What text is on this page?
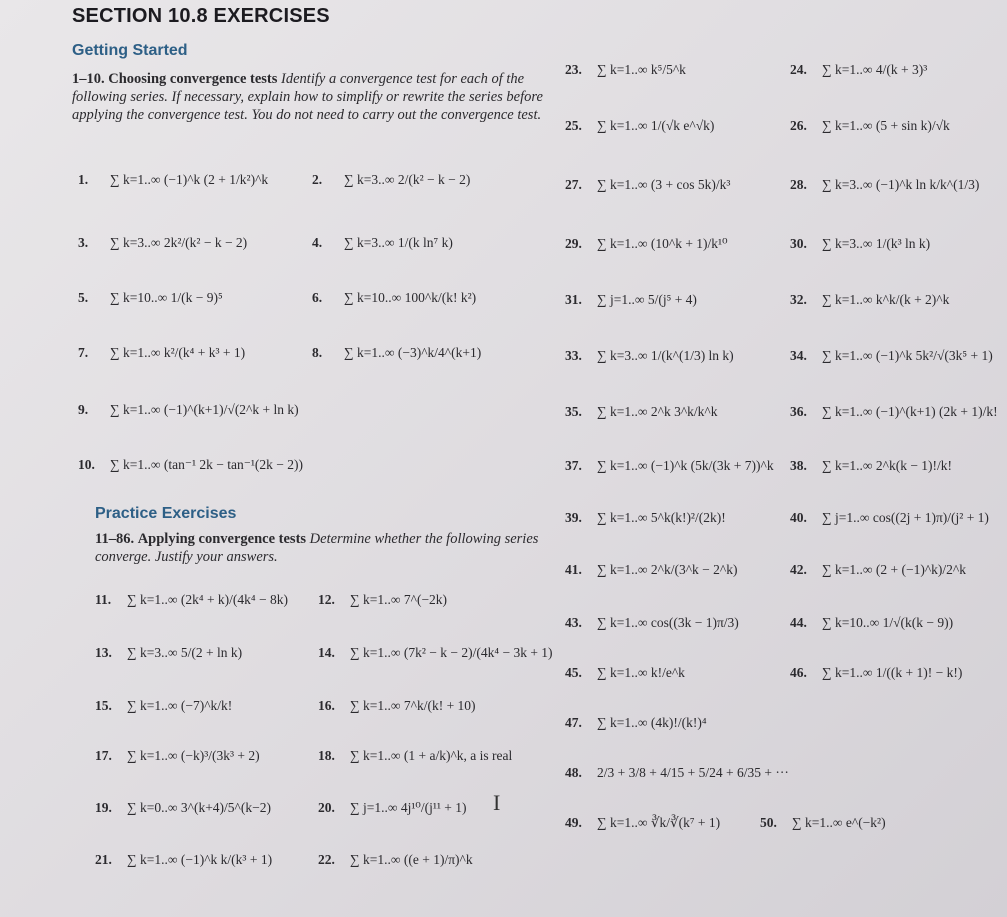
SECTION 10.8 EXERCISES
Getting Started
1–10. Choosing convergence tests Identify a convergence test for each of the following series. If necessary, explain how to simplify or rewrite the series before applying the convergence test. You do not need to carry out the convergence test.
Practice Exercises
11–86. Applying convergence tests Determine whether the following series converge. Justify your answers.
1. ∑ k=1..∞ (−1)^k (2 + 1/k²)^k	2. ∑ k=3..∞ 2/(k² − k − 2)
3. ∑ k=3..∞ 2k²/(k² − k − 2)	4. ∑ k=3..∞ 1/(k ln⁷ k)
5. ∑ k=10..∞ 1/(k − 9)⁵	6. ∑ k=10..∞ 100^k/(k! k²)
7. ∑ k=1..∞ k²/(k⁴ + k³ + 1)	8. ∑ k=1..∞ (−3)^k/4^(k+1)
9. ∑ k=1..∞ (−1)^(k+1)/√(2^k + ln k)
10. ∑ k=1..∞ (tan⁻¹ 2k − tan⁻¹(2k − 2))
11. ∑ k=1..∞ (2k⁴ + k)/(4k⁴ − 8k) 12. ∑ k=1..∞ 7^(−2k)
13. ∑ k=3..∞ 5/(2 + ln k)	14. ∑ k=1..∞ (7k² − k − 2)/(4k⁴ − 3k + 1)
15. ∑ k=1..∞ (−7)^k/k!	16. ∑ k=1..∞ 7^k/(k! + 10)
17. ∑ k=1..∞ (−k)³/(3k³ + 2)	18. ∑ k=1..∞ (1 + a/k)^k, a is real
19. ∑ k=0..∞ 3^(k+4)/5^(k−2)	20. ∑ j=1..∞ 4j¹⁰/(j¹¹ + 1)
21. ∑ k=1..∞ (−1)^k k/(k³ + 1)	22. ∑ k=1..∞ ((e + 1)/π)^k
23. ∑ k=1..∞ k⁵/5^k	24. ∑ k=1..∞ 4/(k + 3)³
25. ∑ k=1..∞ 1/(√k e^√k)	26. ∑ k=1..∞ (5 + sin k)/√k
27. ∑ k=1..∞ (3 + cos 5k)/k³	28. ∑ k=3..∞ (−1)^k ln k/k^(1/3)
29. ∑ k=1..∞ (10^k + 1)/k¹⁰	30. ∑ k=3..∞ 1/(k³ ln k)
31. ∑ j=1..∞ 5/(j⁵ + 4)	32. ∑ k=1..∞ k^k/(k + 2)^k
33. ∑ k=3..∞ 1/(k^(1/3) ln k)	34. ∑ k=1..∞ (−1)^k 5k²/√(3k⁵ + 1)
35. ∑ k=1..∞ 2^k 3^k/k^k	36. ∑ k=1..∞ (−1)^(k+1) (2k + 1)/k!
37. ∑ k=1..∞ (−1)^k (5k/(3k + 7))^k 38. ∑ k=1..∞ 2^k(k − 1)!/k!
39. ∑ k=1..∞ 5^k(k!)²/(2k)!	40. ∑ j=1..∞ cos((2j + 1)π)/(j² + 1)
41. ∑ k=1..∞ 2^k/(3^k − 2^k)	42. ∑ k=1..∞ (2 + (−1)^k)/2^k
43. ∑ k=1..∞ cos((3k − 1)π/3)	44. ∑ k=10..∞ 1/√(k(k − 9))
45. ∑ k=1..∞ k!/e^k	46. ∑ k=1..∞ 1/((k + 1)! − k!)
47. ∑ k=1..∞ (4k)!/(k!)⁴
48. 2/3 + 3/8 + 4/15 + 5/24 + 6/35 + ···
49. ∑ k=1..∞ ∛k/∛(k⁷ + 1)	50. ∑ k=1..∞ e^(−k²)
I
